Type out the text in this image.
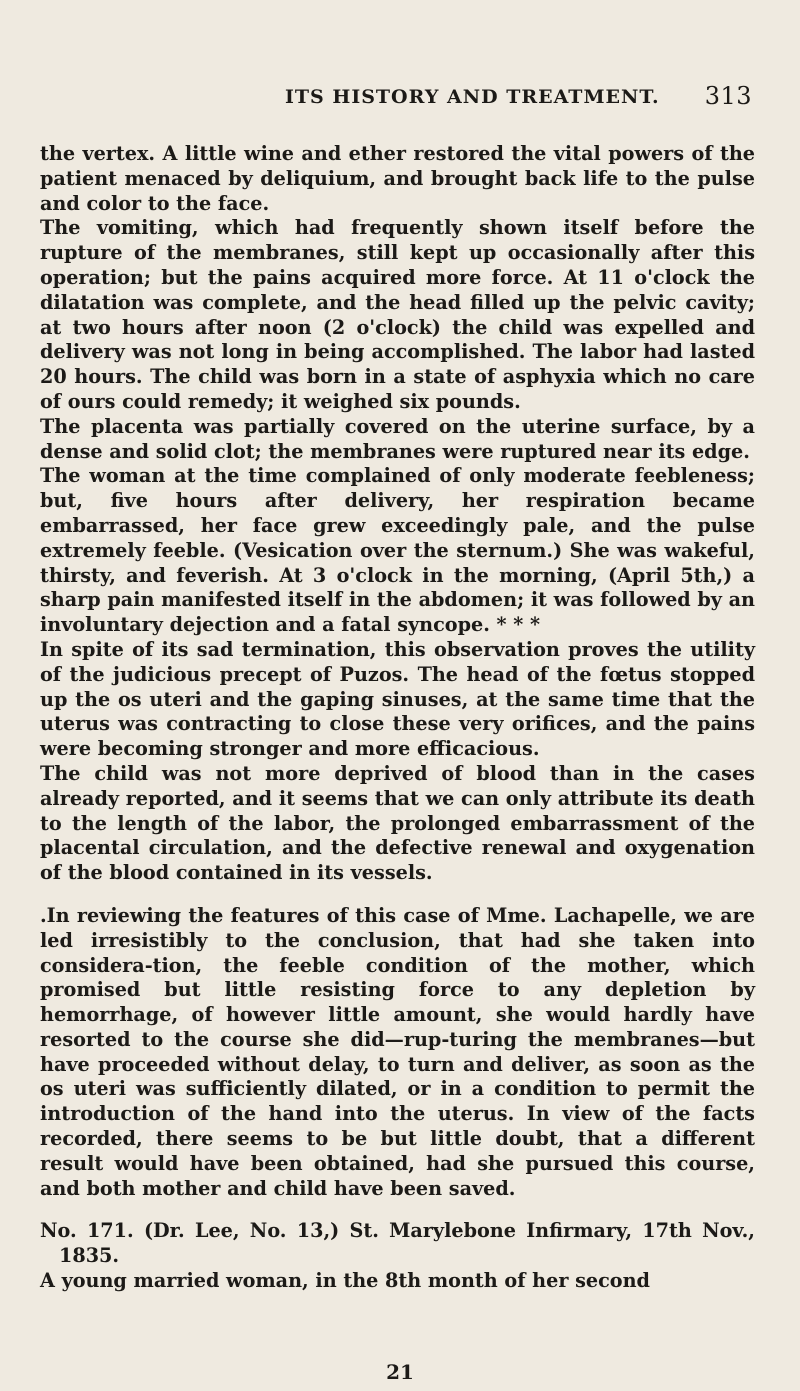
ITS HISTORY AND TREATMENT. 313

the vertex. A little wine and ether restored the vital powers of the patient menaced by deliquium, and brought back life to the pulse and color to the face.

The vomiting, which had frequently shown itself before the rupture of the membranes, still kept up occasionally after this operation; but the pains acquired more force. At 11 o'clock the dilatation was complete, and the head filled up the pelvic cavity; at two hours after noon (2 o'clock) the child was expelled and delivery was not long in being accomplished. The labor had lasted 20 hours. The child was born in a state of asphyxia which no care of ours could remedy; it weighed six pounds.

The placenta was partially covered on the uterine surface, by a dense and solid clot; the membranes were ruptured near its edge.

The woman at the time complained of only moderate feebleness; but, five hours after delivery, her respiration became embarrassed, her face grew exceedingly pale, and the pulse extremely feeble. (Vesication over the sternum.) She was wakeful, thirsty, and feverish. At 3 o'clock in the morning, (April 5th,) a sharp pain manifested itself in the abdomen; it was followed by an involuntary dejection and a fatal syncope. * * *

In spite of its sad termination, this observation proves the utility of the judicious precept of Puzos. The head of the fœtus stopped up the os uteri and the gaping sinuses, at the same time that the uterus was contracting to close these very orifices, and the pains were becoming stronger and more efficacious.

The child was not more deprived of blood than in the cases already reported, and it seems that we can only attribute its death to the length of the labor, the prolonged embarrassment of the placental circulation, and the defective renewal and oxygenation of the blood contained in its vessels.

.In reviewing the features of this case of Mme. Lachapelle, we are led irresistibly to the conclusion, that had she taken into considera-tion, the feeble condition of the mother, which promised but little resisting force to any depletion by hemorrhage, of however little amount, she would hardly have resorted to the course she did—rup-turing the membranes—but have proceeded without delay, to turn and deliver, as soon as the os uteri was sufficiently dilated, or in a condition to permit the introduction of the hand into the uterus. In view of the facts recorded, there seems to be but little doubt, that a different result would have been obtained, had she pursued this course, and both mother and child have been saved.

No. 171. (Dr. Lee, No. 13,) St. Marylebone Infirmary, 17th Nov., 1835.

A young married woman, in the 8th month of her second

21
